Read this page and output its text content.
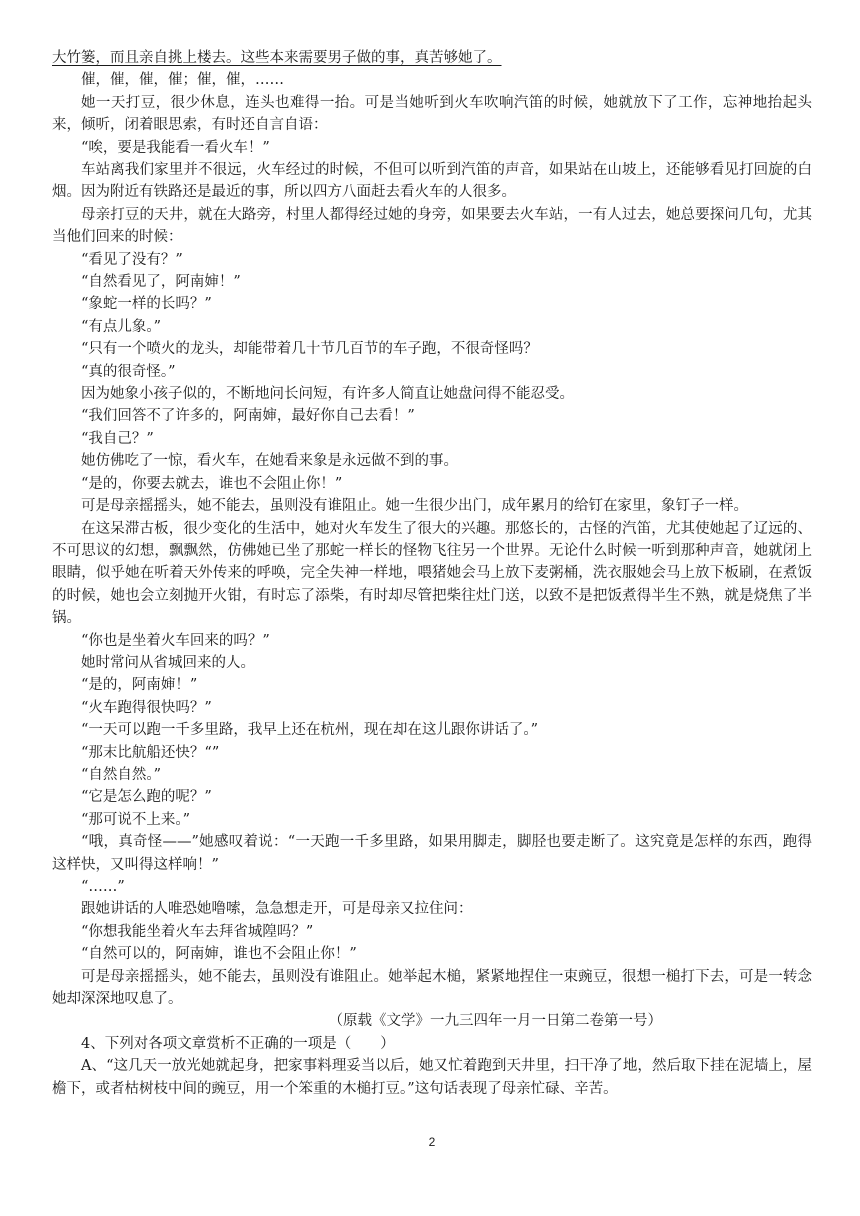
大竹篓，而且亲自挑上楼去。这些本来需要男子做的事，真苦够她了。

催，催，催，催；催，催，……

她一天打豆，很少休息，连头也难得一抬。可是当她听到火车吹响汽笛的时候，她就放下了工作，忘神地抬起头来，倾听，闭着眼思索，有时还自言自语：

“唉，要是我能看一看火车！”

车站离我们家里并不很远，火车经过的时候，不但可以听到汽笛的声音，如果站在山坡上，还能够看见打回旋的白烟。因为附近有铁路还是最近的事，所以四方八面赶去看火车的人很多。

母亲打豆的天井，就在大路旁，村里人都得经过她的身旁，如果要去火车站，一有人过去，她总要探问几句，尤其当他们回来的时候：

“看见了没有？”

“自然看见了，阿南婶！”

“象蛇一样的长吗？”

“有点儿象。”

“只有一个喷火的龙头，却能带着几十节几百节的车子跑，不很奇怪吗？

“真的很奇怪。”

因为她象小孩子似的，不断地问长问短，有许多人简直让她盘问得不能忍受。

“我们回答不了许多的，阿南婶，最好你自己去看！”

“我自己？”

她仿佛吃了一惊，看火车，在她看来象是永远做不到的事。

“是的，你要去就去，谁也不会阻止你！”

可是母亲摇摇头，她不能去，虽则没有谁阻止。她一生很少出门，成年累月的给钉在家里，象钉子一样。

在这呆滞古板，很少变化的生活中，她对火车发生了很大的兴趣。那悠长的，古怪的汽笛，尤其使她起了辽远的、不可思议的幻想，飘飘然，仿佛她已坐了那蛇一样长的怪物飞往另一个世界。无论什么时候一听到那种声音，她就闭上眼睛，似乎她在听着天外传来的呼唤，完全失神一样地，喂猪她会马上放下麦粥桶，洗衣服她会马上放下板刷，在煮饭的时候，她也会立刻抛开火钳，有时忘了添柴，有时却尽管把柴往灶门送，以致不是把饭煮得半生不熟，就是烧焦了半锅。

“你也是坐着火车回来的吗？”

她时常问从省城回来的人。

“是的，阿南婶！”

“火车跑得很快吗？”

“一天可以跑一千多里路，我早上还在杭州，现在却在这儿跟你讲话了。”

“那末比航船还快？“”

“自然自然。”

“它是怎么跑的呢？”

“那可说不上来。”

“哦，真奇怪——”她感叹着说：“一天跑一千多里路，如果用脚走，脚胫也要走断了。这究竟是怎样的东西，跑得这样快，又叫得这样响！”

“……”

跟她讲话的人唯恐她噜嗦，急急想走开，可是母亲又拉住问：

“你想我能坐着火车去拜省城隍吗？”

“自然可以的，阿南婶，谁也不会阻止你！”

可是母亲摇摇头，她不能去，虽则没有谁阻止。她举起木槌，紧紧地捏住一束豌豆，很想一槌打下去，可是一转念她却深深地叹息了。

（原载《文学》一九三四年一月一日第二卷第一号）

4、下列对各项文章赏析不正确的一项是（　　）

A、“这几天一放光她就起身，把家事料理妥当以后，她又忙着跑到天井里，扫干净了地，然后取下挂在泥墙上，屋檐下，或者枯树枝中间的豌豆，用一个笨重的木槌打豆。”这句话表现了母亲忙碌、辛苦。

2
